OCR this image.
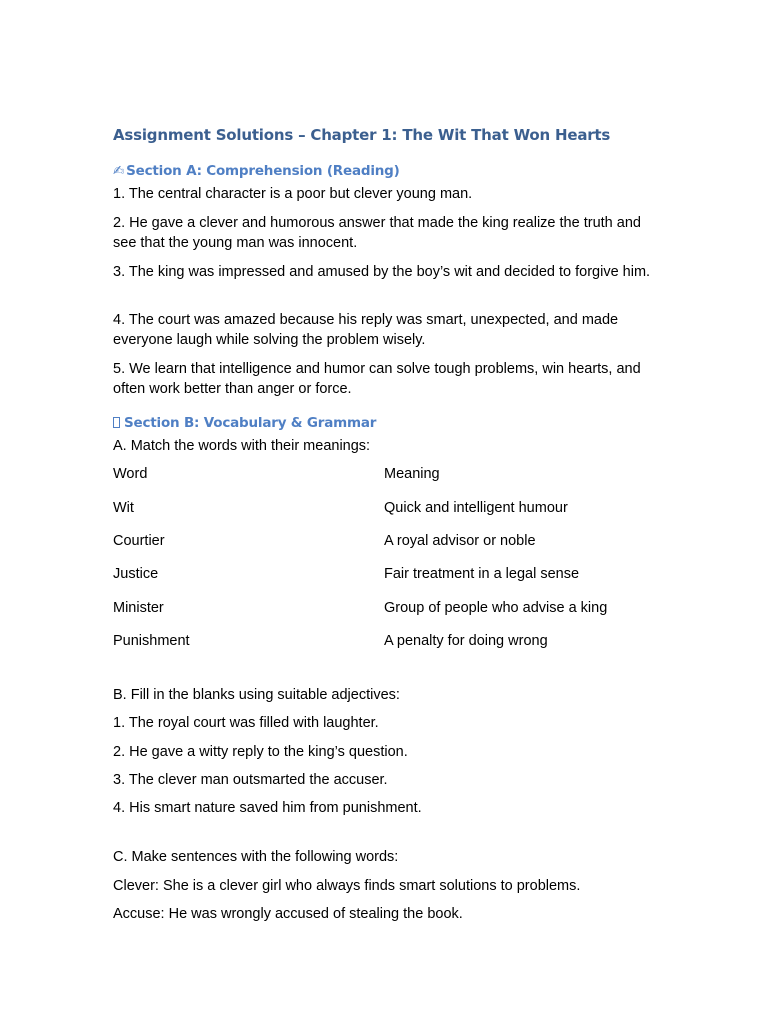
Assignment Solutions – Chapter 1: The Wit That Won Hearts
✍ Section A: Comprehension (Reading)

1. The central character is a poor but clever young man.

2. He gave a clever and humorous answer that made the king realize the truth and see that the young man was innocent.

3. The king was impressed and amused by the boy’s wit and decided to forgive him.

4. The court was amazed because his reply was smart, unexpected, and made everyone laugh while solving the problem wisely.

5. We learn that intelligence and humor can solve tough problems, win hearts, and often work better than anger or force.

Section B: Vocabulary & Grammar

A. Match the words with their meanings:

Word	Meaning
Wit	Quick and intelligent humour
Courtier	A royal advisor or noble
Justice	Fair treatment in a legal sense
Minister	Group of people who advise a king
Punishment	A penalty for doing wrong

B. Fill in the blanks using suitable adjectives:

1. The royal court was filled with laughter.

2. He gave a witty reply to the king’s question.

3. The clever man outsmarted the accuser.

4. His smart nature saved him from punishment.

C. Make sentences with the following words:

Clever: She is a clever girl who always finds smart solutions to problems.

Accuse: He was wrongly accused of stealing the book.
